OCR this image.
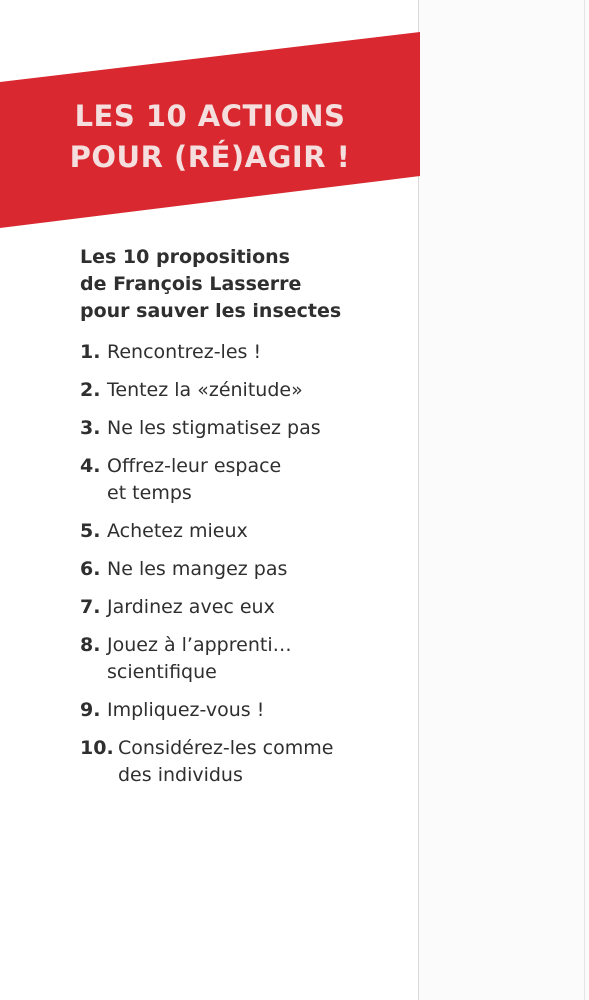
LES 10 ACTIONS
POUR (RÉ)AGIR !
Les 10 propositions
de François Lasserre
pour sauver les insectes
1. Rencontrez-les !
2. Tentez la «zénitude»
3. Ne les stigmatisez pas
4. Offrez-leur espace
et temps
5. Achetez mieux
6. Ne les mangez pas
7. Jardinez avec eux
8. Jouez à l’apprenti…
scientifique
9. Impliquez-vous !
10. Considérez-les comme
des individus
